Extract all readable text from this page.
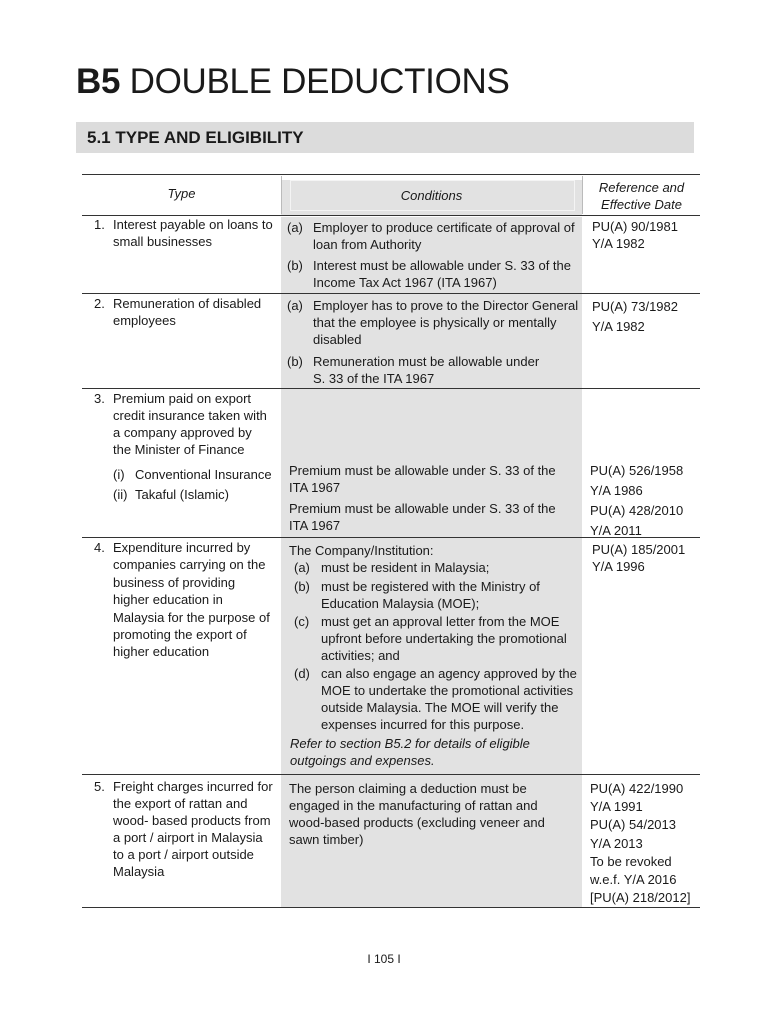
B5 DOUBLE DEDUCTIONS
5.1 TYPE AND ELIGIBILITY
Type	Conditions
Reference and
Effective Date
1. Interest payable on loans to
small businesses
(a) Employer to produce certificate of approval of
loan from Authority
(b) Interest must be allowable under S. 33 of the
Income Tax Act 1967 (ITA 1967)
PU(A) 90/1981
Y/A 1982
2. Remuneration of disabled
employees
(a) Employer has to prove to the Director General
that the employee is physically or mentally
disabled
(b) Remuneration must be allowable under
S. 33 of the ITA 1967
PU(A) 73/1982
Y/A 1982
3. Premium paid on export
credit insurance taken with
a company approved by
the Minister of Finance
(i) Conventional Insurance
(ii) Takaful (Islamic)
Premium must be allowable under S. 33 of the
ITA 1967
Premium must be allowable under S. 33 of the
ITA 1967
PU(A) 526/1958
Y/A 1986
PU(A) 428/2010
Y/A 2011
4. Expenditure incurred by
companies carrying on the
business of providing
higher education in
Malaysia for the purpose of
promoting the export of
higher education
The Company/Institution:
(a) must be resident in Malaysia;
(b) must be registered with the Ministry of
Education Malaysia (MOE);
(c) must get an approval letter from the MOE
upfront before undertaking the promotional
activities; and
(d) can also engage an agency approved by the
MOE to undertake the promotional activities
outside Malaysia. The MOE will verify the
expenses incurred for this purpose.
Refer to section B5.2 for details of eligible
outgoings and expenses.
PU(A) 185/2001
Y/A 1996
5. Freight charges incurred for
the export of rattan and
wood- based products from
a port / airport in Malaysia
to a port / airport outside
Malaysia
The person claiming a deduction must be
engaged in the manufacturing of rattan and
wood-based products (excluding veneer and
sawn timber)
PU(A) 422/1990
Y/A 1991
PU(A) 54/2013
Y/A 2013
To be revoked
w.e.f. Y/A 2016
[PU(A) 218/2012]
I 105 I
